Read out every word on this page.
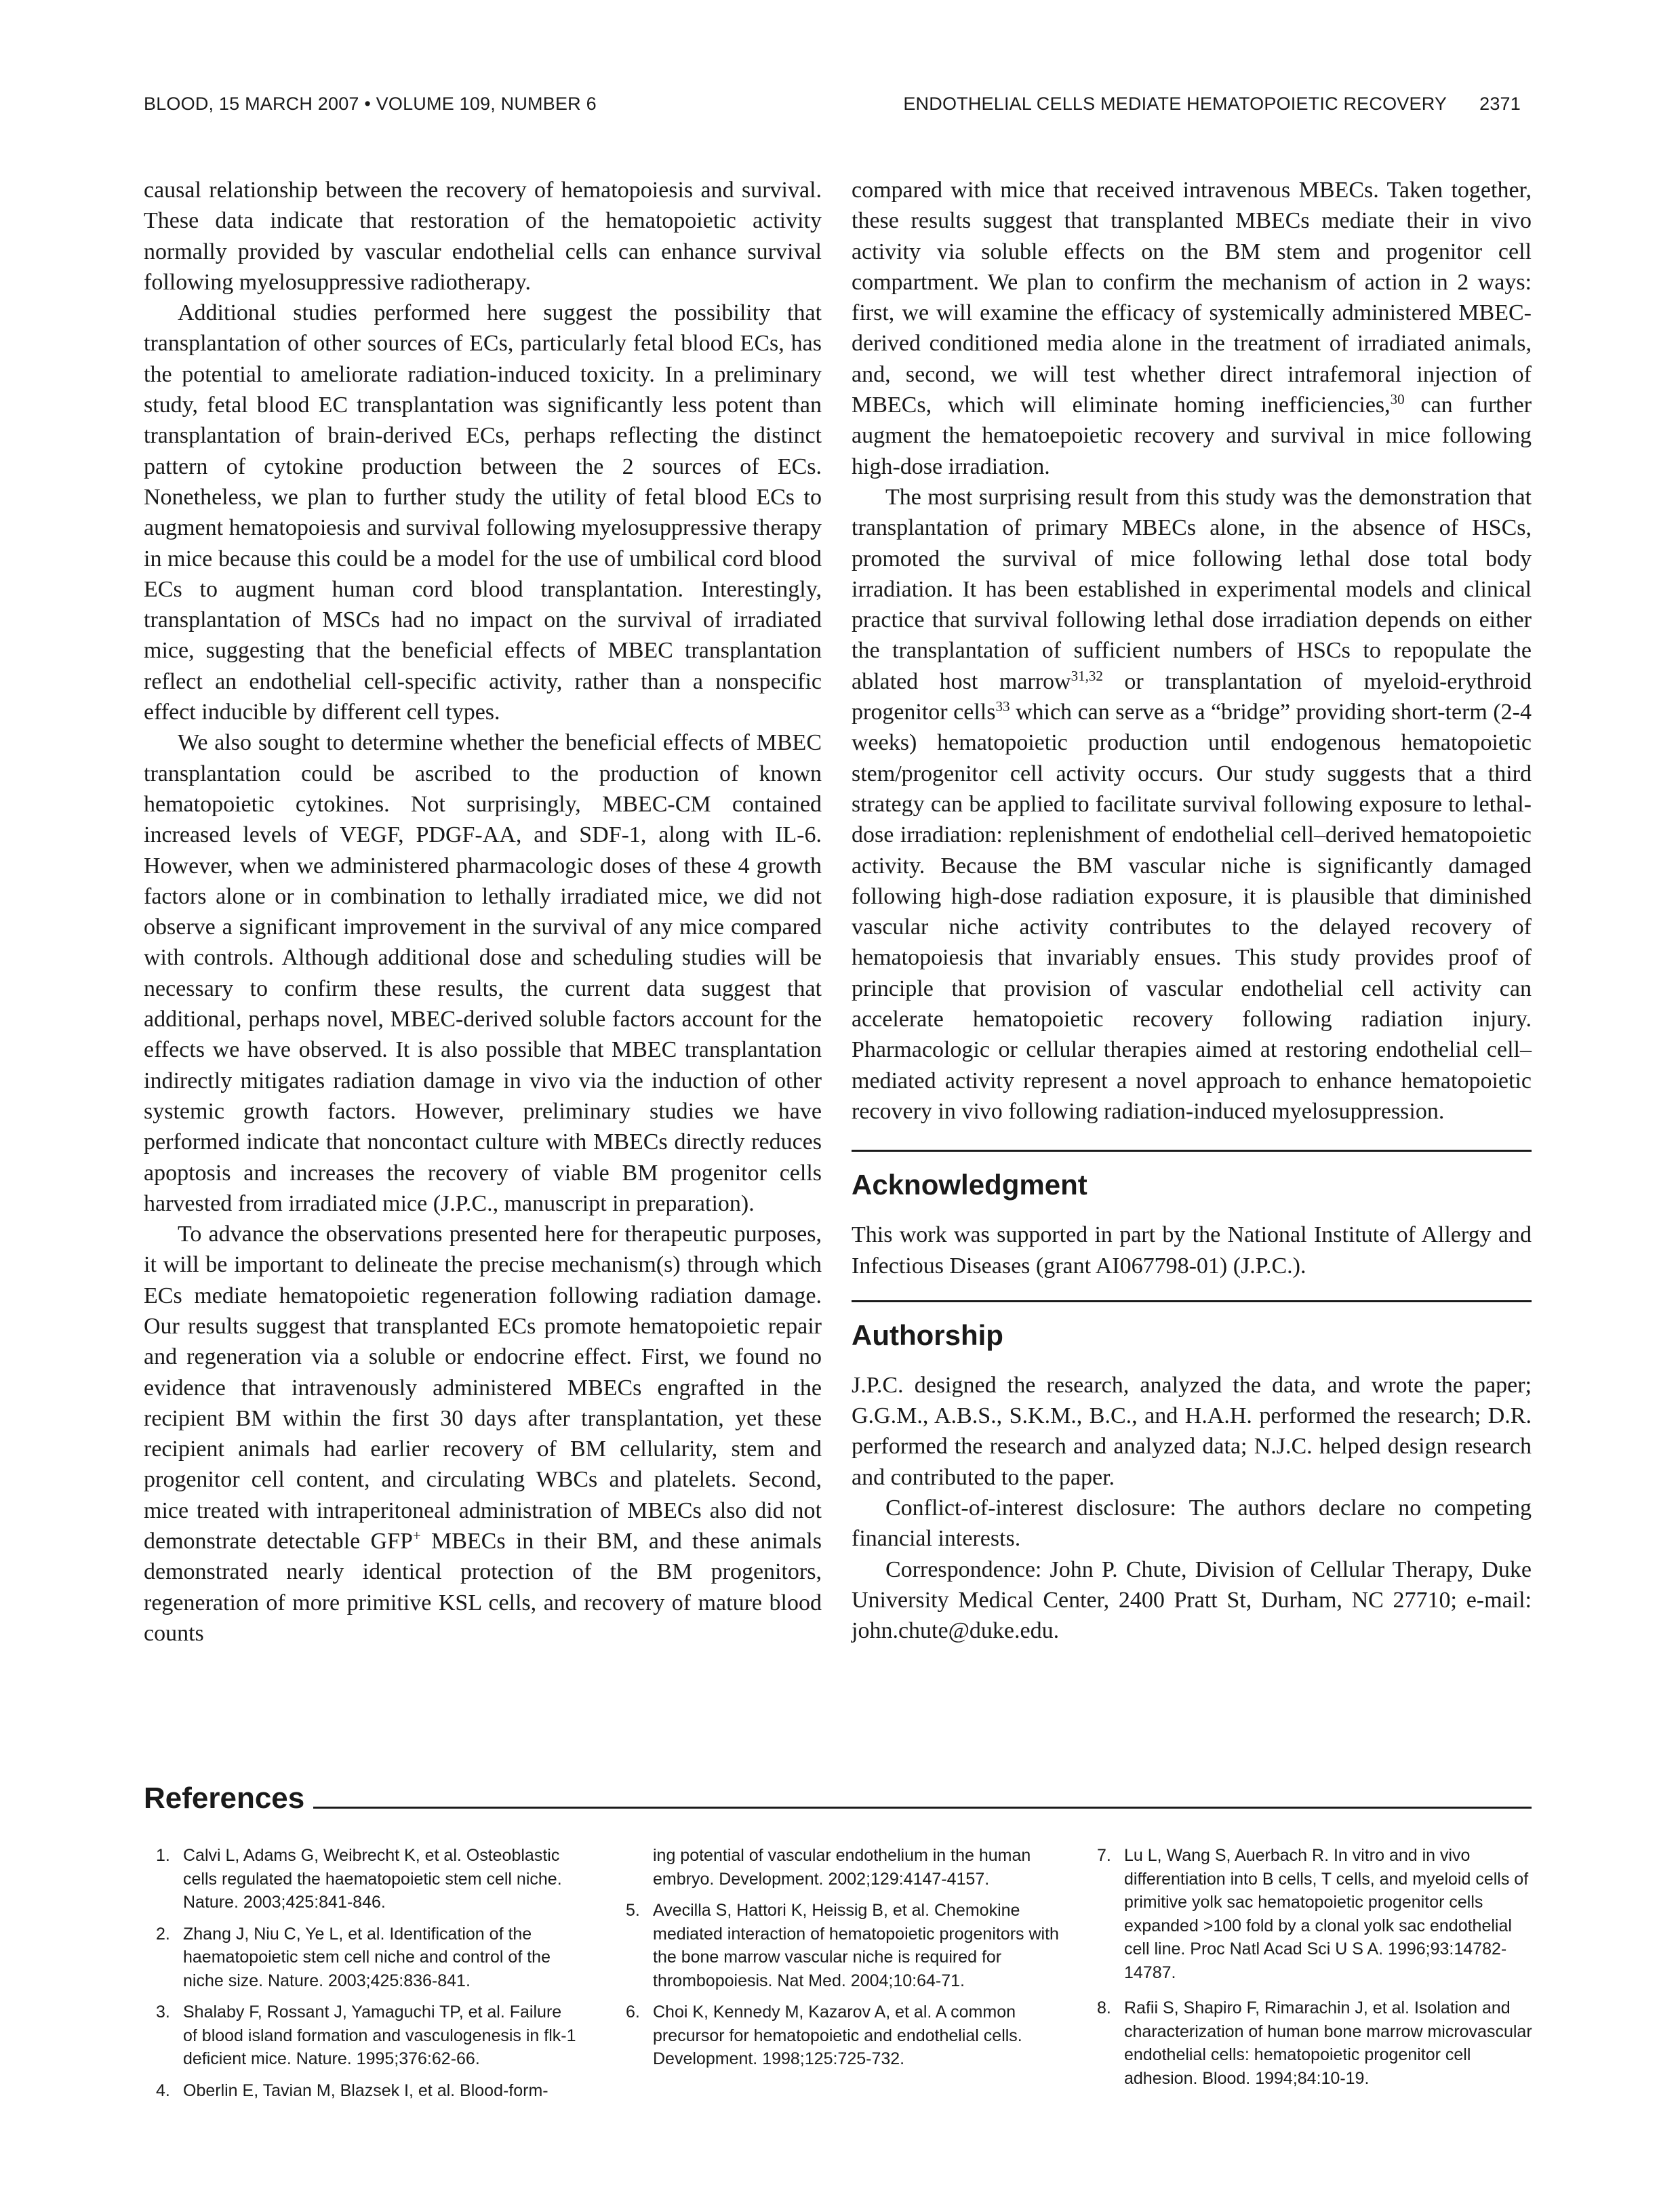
BLOOD, 15 MARCH 2007 • VOLUME 109, NUMBER 6	ENDOTHELIAL CELLS MEDIATE HEMATOPOIETIC RECOVERY 2371

causal relationship between the recovery of hematopoiesis and survival. These data indicate that restoration of the hematopoietic activity normally provided by vascular endothelial cells can enhance survival following myelosuppressive radiotherapy.

Additional studies performed here suggest the possibility that transplantation of other sources of ECs, particularly fetal blood ECs, has the potential to ameliorate radiation-induced toxicity. In a preliminary study, fetal blood EC transplantation was significantly less potent than transplantation of brain-derived ECs, perhaps reflecting the distinct pattern of cytokine production between the 2 sources of ECs. Nonetheless, we plan to further study the utility of fetal blood ECs to augment hematopoiesis and survival following myelosuppressive therapy in mice because this could be a model for the use of umbilical cord blood ECs to augment human cord blood transplantation. Interestingly, transplantation of MSCs had no impact on the survival of irradiated mice, suggesting that the beneficial effects of MBEC transplantation reflect an endothelial cell-specific activity, rather than a nonspecific effect inducible by different cell types.

We also sought to determine whether the beneficial effects of MBEC transplantation could be ascribed to the production of known hematopoietic cytokines. Not surprisingly, MBEC-CM contained increased levels of VEGF, PDGF-AA, and SDF-1, along with IL-6. However, when we administered pharmacologic doses of these 4 growth factors alone or in combination to lethally irradiated mice, we did not observe a significant improvement in the survival of any mice compared with controls. Although additional dose and scheduling studies will be necessary to confirm these results, the current data suggest that additional, perhaps novel, MBEC-derived soluble factors account for the effects we have observed. It is also possible that MBEC transplantation indirectly mitigates radiation damage in vivo via the induction of other systemic growth factors. However, preliminary studies we have performed indicate that noncontact culture with MBECs directly reduces apoptosis and increases the recovery of viable BM progenitor cells harvested from irradiated mice (J.P.C., manuscript in preparation).

To advance the observations presented here for therapeutic purposes, it will be important to delineate the precise mechanism(s) through which ECs mediate hematopoietic regeneration following radiation damage. Our results suggest that transplanted ECs promote hematopoietic repair and regeneration via a soluble or endocrine effect. First, we found no evidence that intravenously administered MBECs engrafted in the recipient BM within the first 30 days after transplantation, yet these recipient animals had earlier recovery of BM cellularity, stem and progenitor cell content, and circulating WBCs and platelets. Second, mice treated with intraperitoneal administration of MBECs also did not demonstrate detectable GFP+ MBECs in their BM, and these animals demonstrated nearly identical protection of the BM progenitors, regeneration of more primitive KSL cells, and recovery of mature blood counts

compared with mice that received intravenous MBECs. Taken together, these results suggest that transplanted MBECs mediate their in vivo activity via soluble effects on the BM stem and progenitor cell compartment. We plan to confirm the mechanism of action in 2 ways: first, we will examine the efficacy of systemically administered MBEC-derived conditioned media alone in the treatment of irradiated animals, and, second, we will test whether direct intrafemoral injection of MBECs, which will eliminate homing inefficiencies,$^{30}$ can further augment the hematoepoietic recovery and survival in mice following high-dose irradiation.

The most surprising result from this study was the demonstration that transplantation of primary MBECs alone, in the absence of HSCs, promoted the survival of mice following lethal dose total body irradiation. It has been established in experimental models and clinical practice that survival following lethal dose irradiation depends on either the transplantation of sufficient numbers of HSCs to repopulate the ablated host marrow$^{31,32}$ or transplantation of myeloid-erythroid progenitor cells$^{33}$ which can serve as a “bridge” providing short-term (2-4 weeks) hematopoietic production until endogenous hematopoietic stem/progenitor cell activity occurs. Our study suggests that a third strategy can be applied to facilitate survival following exposure to lethal-dose irradiation: replenishment of endothelial cell–derived hematopoietic activity. Because the BM vascular niche is significantly damaged following high-dose radiation exposure, it is plausible that diminished vascular niche activity contributes to the delayed recovery of hematopoiesis that invariably ensues. This study provides proof of principle that provision of vascular endothelial cell activity can accelerate hematopoietic recovery following radiation injury. Pharmacologic or cellular therapies aimed at restoring endothelial cell–mediated activity represent a novel approach to enhance hematopoietic recovery in vivo following radiation-induced myelosuppression.

Acknowledgment

This work was supported in part by the National Institute of Allergy and Infectious Diseases (grant AI067798-01) (J.P.C.).

Authorship

J.P.C. designed the research, analyzed the data, and wrote the paper; G.G.M., A.B.S., S.K.M., B.C., and H.A.H. performed the research; D.R. performed the research and analyzed data; N.J.C. helped design research and contributed to the paper.

Conflict-of-interest disclosure: The authors declare no competing financial interests.

Correspondence: John P. Chute, Division of Cellular Therapy, Duke University Medical Center, 2400 Pratt St, Durham, NC 27710; e-mail: john.chute@duke.edu.

References
1. Calvi L, Adams G, Weibrecht K, et al. Osteoblastic cells regulated the haematopoietic stem cell niche. Nature. 2003;425:841-846.
2. Zhang J, Niu C, Ye L, et al. Identification of the haematopoietic stem cell niche and control of the niche size. Nature. 2003;425:836-841.
3. Shalaby F, Rossant J, Yamaguchi TP, et al. Failure of blood island formation and vasculogenesis in flk-1 deficient mice. Nature. 1995;376:62-66.
4. Oberlin E, Tavian M, Blazsek I, et al. Blood-form-
ing potential of vascular endothelium in the human embryo. Development. 2002;129:4147-4157.
5. Avecilla S, Hattori K, Heissig B, et al. Chemokine mediated interaction of hematopoietic progenitors with the bone marrow vascular niche is required for thrombopoiesis. Nat Med. 2004;10:64-71.
6. Choi K, Kennedy M, Kazarov A, et al. A common precursor for hematopoietic and endothelial cells. Development. 1998;125:725-732.
7. Lu L, Wang S, Auerbach R. In vitro and in vivo differentiation into B cells, T cells, and myeloid cells of primitive yolk sac hematopoietic progenitor cells expanded >100 fold by a clonal yolk sac endothelial cell line. Proc Natl Acad Sci U S A. 1996;93:14782-14787.
8. Rafii S, Shapiro F, Rimarachin J, et al. Isolation and characterization of human bone marrow microvascular endothelial cells: hematopoietic progenitor cell adhesion. Blood. 1994;84:10-19.
